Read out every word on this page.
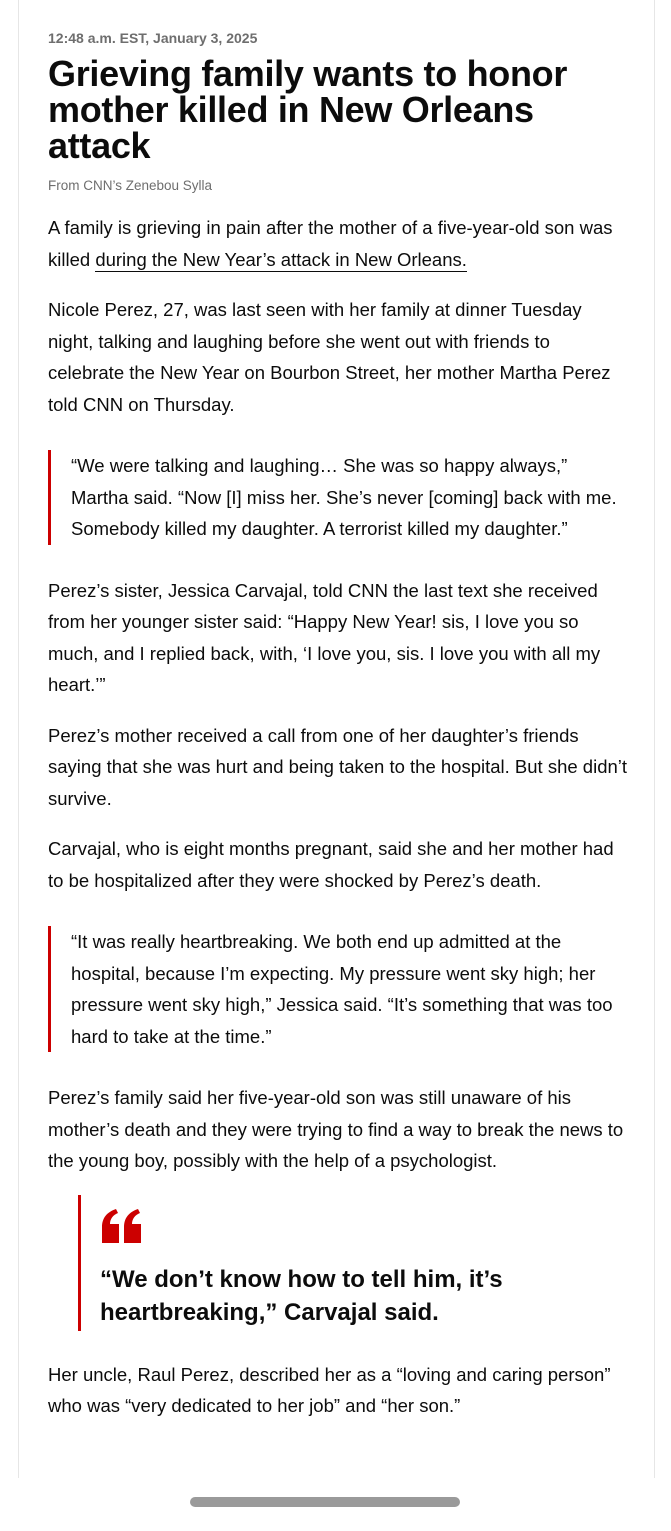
12:48 a.m. EST, January 3, 2025

Grieving family wants to honor mother killed in New Orleans attack

From CNN’s Zenebou Sylla

A family is grieving in pain after the mother of a five-year-old son was killed during the New Year’s attack in New Orleans.

Nicole Perez, 27, was last seen with her family at dinner Tuesday night, talking and laughing before she went out with friends to celebrate the New Year on Bourbon Street, her mother Martha Perez told CNN on Thursday.

“We were talking and laughing… She was so happy always,” Martha said. “Now [I] miss her. She’s never [coming] back with me. Somebody killed my daughter. A terrorist killed my daughter.”

Perez’s sister, Jessica Carvajal, told CNN the last text she received from her younger sister said: “Happy New Year! sis, I love you so much, and I replied back, with, ‘I love you, sis. I love you with all my heart.’”

Perez’s mother received a call from one of her daughter’s friends saying that she was hurt and being taken to the hospital. But she didn’t survive.

Carvajal, who is eight months pregnant, said she and her mother had to be hospitalized after they were shocked by Perez’s death.

“It was really heartbreaking. We both end up admitted at the hospital, because I’m expecting. My pressure went sky high; her pressure went sky high,” Jessica said. “It’s something that was too hard to take at the time.”

Perez’s family said her five-year-old son was still unaware of his mother’s death and they were trying to find a way to break the news to the young boy, possibly with the help of a psychologist.

“We don’t know how to tell him, it’s heartbreaking,” Carvajal said.

Her uncle, Raul Perez, described her as a “loving and caring person” who was “very dedicated to her job” and “her son.”
